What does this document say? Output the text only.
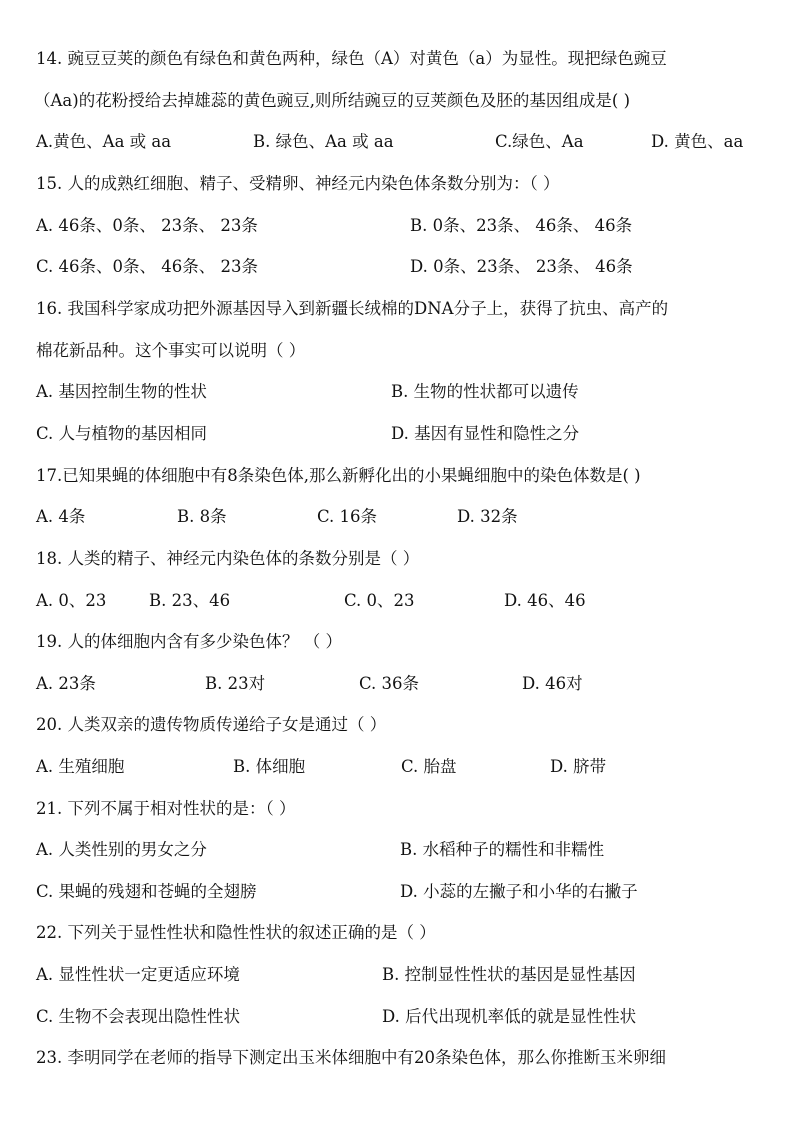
14. 豌豆豆荚的颜色有绿色和黄色两种，绿色（A）对黄色（a）为显性。现把绿色豌豆
（Aa)的花粉授给去掉雄蕊的黄色豌豆,则所结豌豆的豆荚颜色及胚的基因组成是( )
A.黄色、Aa 或 aa	B. 绿色、Aa 或 aa	C.绿色、Aa	D. 黄色、aa
15. 人的成熟红细胞、精子、受精卵、神经元内染色体条数分别为：（ ）
A. 46条、0条、 23条、 23条	B. 0条、23条、 46条、 46条
C. 46条、0条、 46条、 23条	D. 0条、23条、 23条、 46条
16. 我国科学家成功把外源基因导入到新疆长绒棉的DNA分子上，获得了抗虫、高产的
棉花新品种。这个事实可以说明（ ）
A. 基因控制生物的性状	B. 生物的性状都可以遗传
C. 人与植物的基因相同	D. 基因有显性和隐性之分
17.已知果蝇的体细胞中有8条染色体,那么新孵化出的小果蝇细胞中的染色体数是( )
A. 4条	B. 8条	C. 16条	D. 32条
18. 人类的精子、神经元内染色体的条数分别是（ ）
A. 0、23	B. 23、46	C. 0、23	D. 46、46
19. 人的体细胞内含有多少染色体？ （ ）
A. 23条	B. 23对	C. 36条	D. 46对
20. 人类双亲的遗传物质传递给子女是通过（ ）
A. 生殖细胞	B. 体细胞	C. 胎盘	D. 脐带
21. 下列不属于相对性状的是：（ ）
A. 人类性别的男女之分	B. 水稻种子的糯性和非糯性
C. 果蝇的残翅和苍蝇的全翅膀	D. 小蕊的左撇子和小华的右撇子
22. 下列关于显性性状和隐性性状的叙述正确的是（ ）
A. 显性性状一定更适应环境	B. 控制显性性状的基因是显性基因
C. 生物不会表现出隐性性状	D. 后代出现机率低的就是显性性状
23. 李明同学在老师的指导下测定出玉米体细胞中有20条染色体，那么你推断玉米卵细
